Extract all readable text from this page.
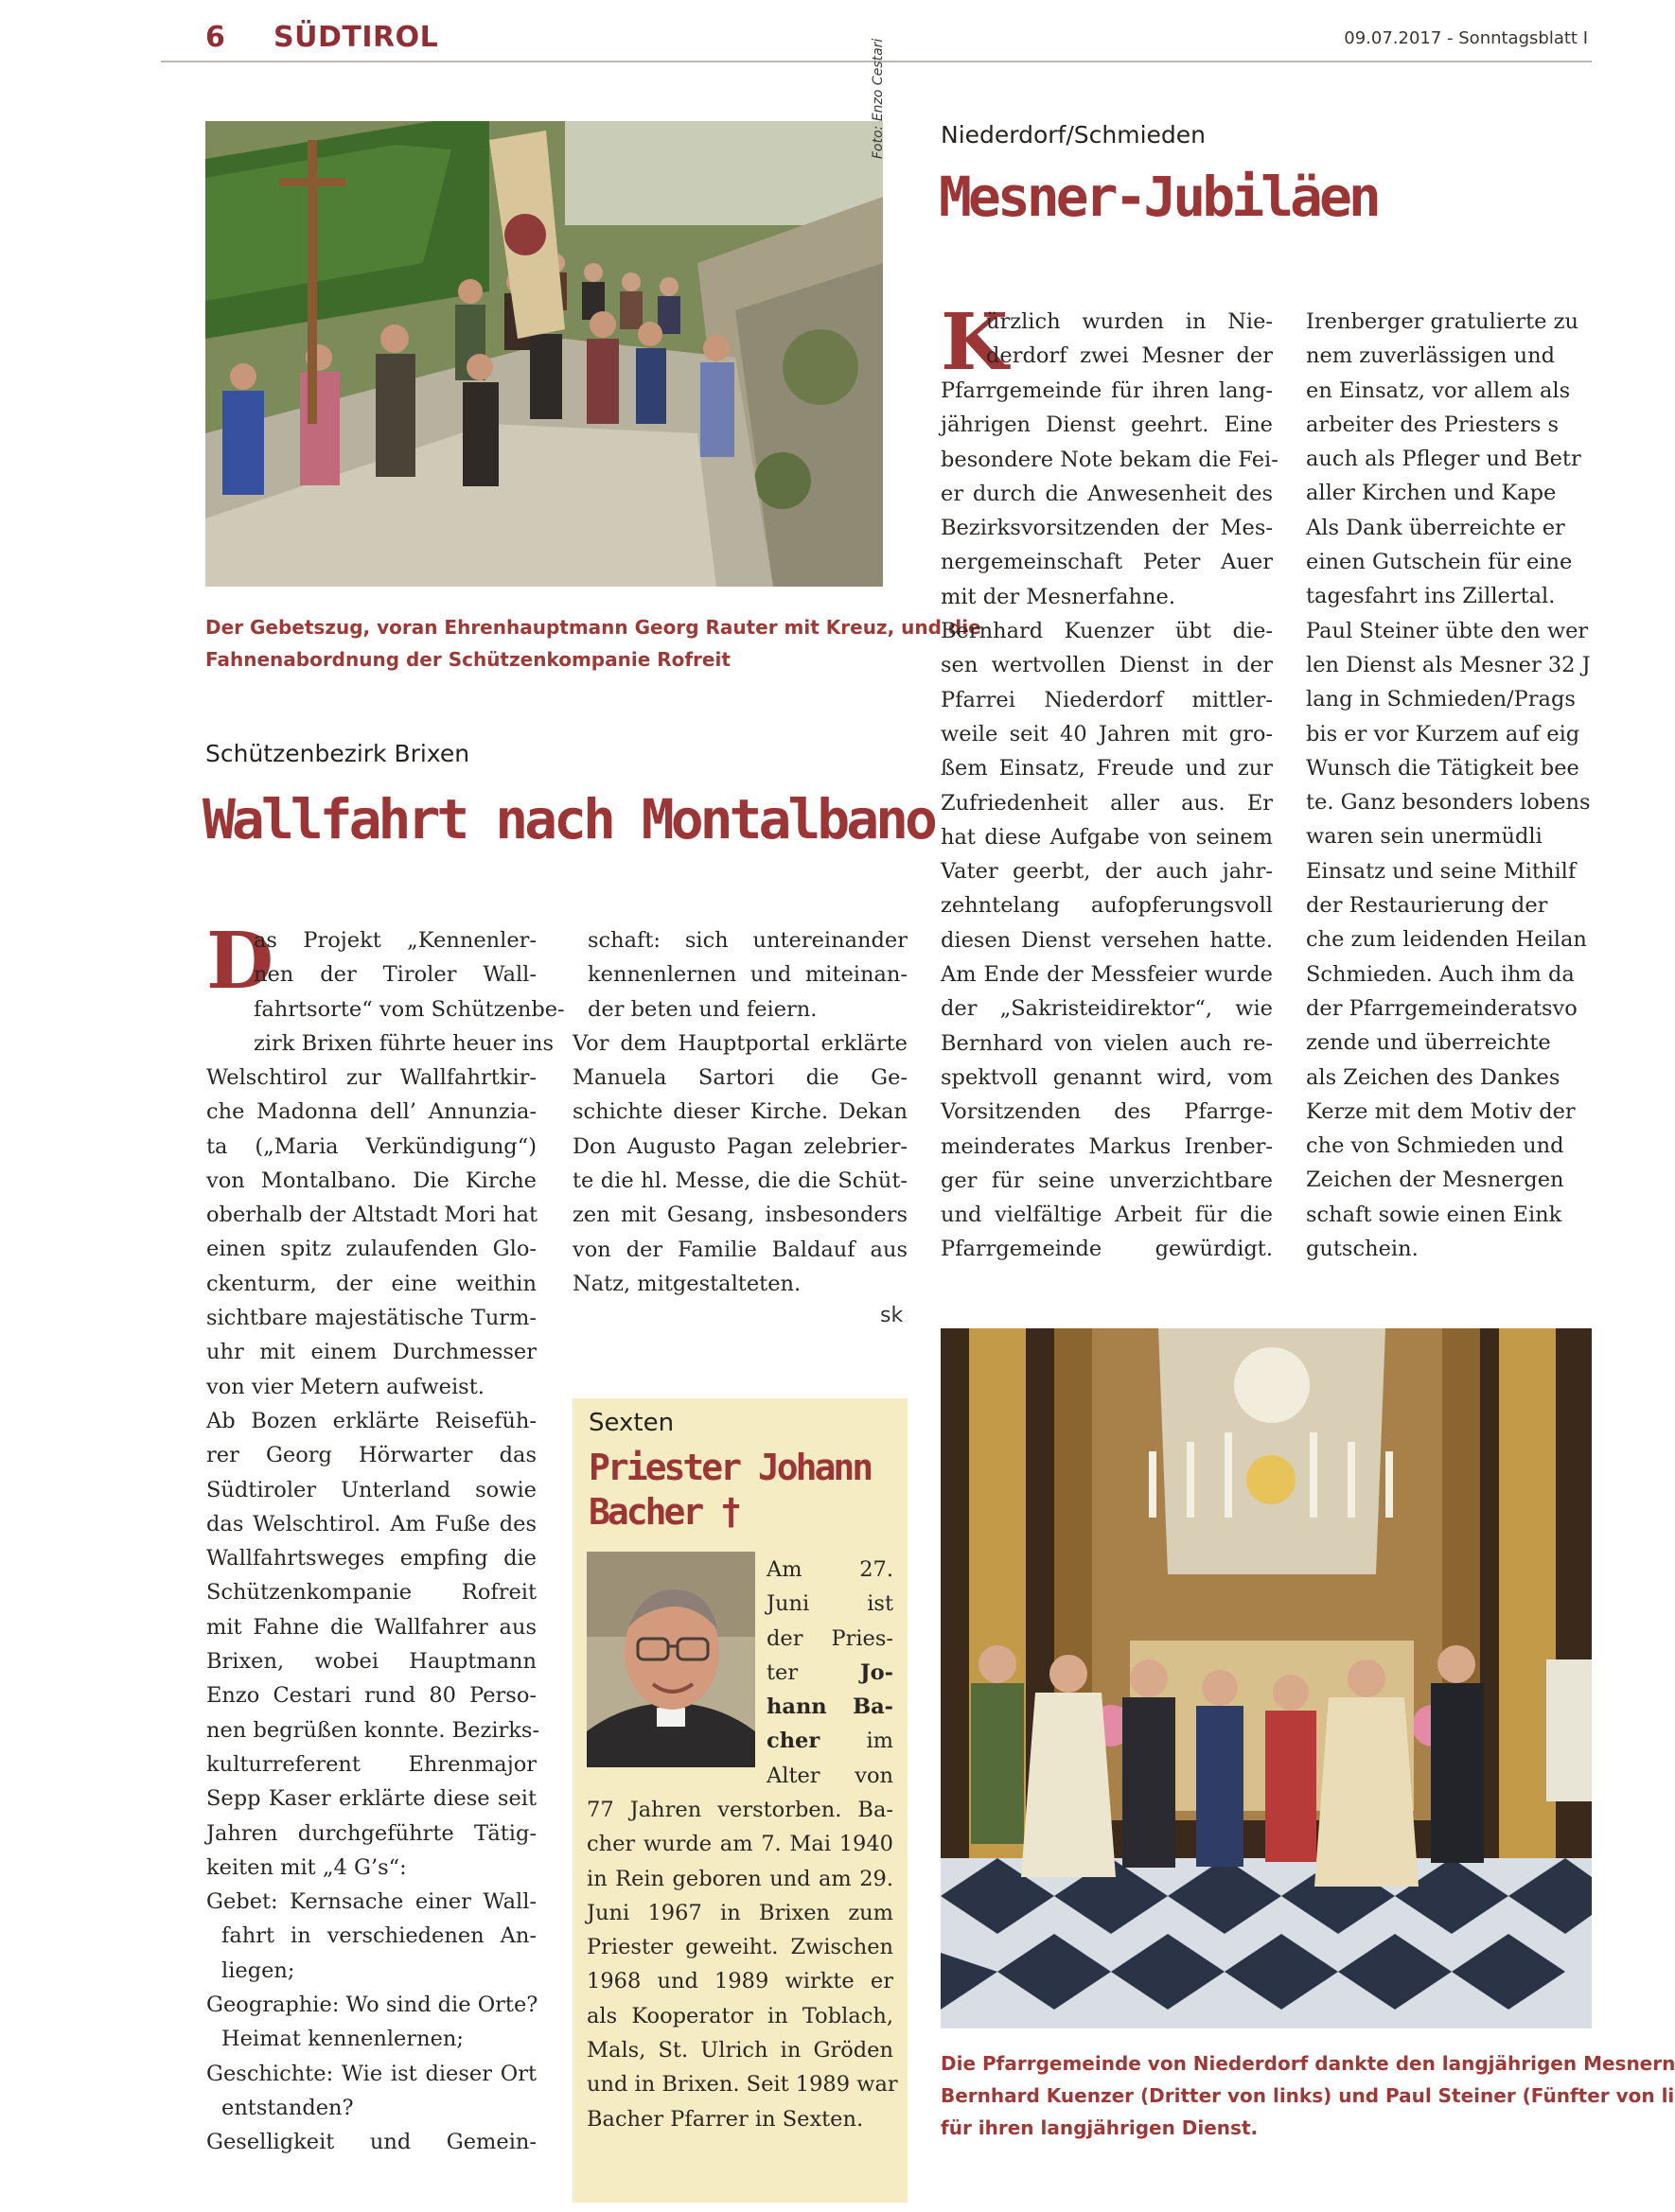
6 SÜDTIROL	09.07.2017 - Sonntagsblatt I
Foto: Enzo Cestari
Der Gebetszug, voran Ehrenhauptmann Georg Rauter mit Kreuz, und die
Fahnenabordnung der Schützenkompanie Rofreit
Schützenbezirk Brixen
Wallfahrt nach Montalbano
D
as Projekt „Kennenler-
nen der Tiroler Wall-
fahrtsorte“ vom Schützenbe-
zirk Brixen führte heuer ins
Welschtirol zur Wallfahrtkir-
che Madonna dell’ Annunzia-
ta („Maria Verkündigung“)
von Montalbano. Die Kirche
oberhalb der Altstadt Mori hat
einen spitz zulaufenden Glo-
ckenturm, der eine weithin
sichtbare majestätische Turm-
uhr mit einem Durchmesser
von vier Metern aufweist.
Ab Bozen erklärte Reisefüh-
rer Georg Hörwarter das
Südtiroler Unterland sowie
das Welschtirol. Am Fuße des
Wallfahrtsweges empfing die
Schützenkompanie Rofreit
mit Fahne die Wallfahrer aus
Brixen, wobei Hauptmann
Enzo Cestari rund 80 Perso-
nen begrüßen konnte. Bezirks-
kulturreferent Ehrenmajor
Sepp Kaser erklärte diese seit
Jahren durchgeführte Tätig-
keiten mit „4 G’s“:
Gebet: Kernsache einer Wall-
fahrt in verschiedenen An-
liegen;
Geographie: Wo sind die Orte?
Heimat kennenlernen;
Geschichte: Wie ist dieser Ort
entstanden?
Geselligkeit und Gemein-
schaft: sich untereinander
kennenlernen und miteinan-
der beten und feiern.
Vor dem Hauptportal erklärte
Manuela Sartori die Ge-
schichte dieser Kirche. Dekan
Don Augusto Pagan zelebrier-
te die hl. Messe, die die Schüt-
zen mit Gesang, insbesonders
von der Familie Baldauf aus
Natz, mitgestalteten.
sk
Sexten
Priester Johann
Bacher †
Am	27.
Juni	ist
der Pries-
ter	Jo-
hann Ba-
cher im
Alter von
77 Jahren verstorben. Ba-
cher wurde am 7. Mai 1940
in Rein geboren und am 29.
Juni 1967 in Brixen zum
Priester geweiht. Zwischen
1968 und 1989 wirkte er
als Kooperator in Toblach,
Mals, St. Ulrich in Gröden
und in Brixen. Seit 1989 war
Bacher Pfarrer in Sexten.
Niederdorf/Schmieden
Mesner-Jubiläen
K
ürzlich wurden in Nie-
derdorf zwei Mesner der
Pfarrgemeinde für ihren lang-
jährigen Dienst geehrt. Eine
besondere Note bekam die Fei-
er durch die Anwesenheit des
Bezirksvorsitzenden der Mes-
nergemeinschaft Peter Auer
mit der Mesnerfahne.
Bernhard Kuenzer übt die-
sen wertvollen Dienst in der
Pfarrei Niederdorf mittler-
weile seit 40 Jahren mit gro-
ßem Einsatz, Freude und zur
Zufriedenheit aller aus. Er
hat diese Aufgabe von seinem
Vater geerbt, der auch jahr-
zehntelang aufopferungsvoll
diesen Dienst versehen hatte.
Am Ende der Messfeier wurde
der „Sakristeidirektor“, wie
Bernhard von vielen auch re-
spektvoll genannt wird, vom
Vorsitzenden des Pfarrge-
meinderates Markus Irenber-
ger für seine unverzichtbare
und vielfältige Arbeit für die
Pfarrgemeinde gewürdigt.
Irenberger gratulierte zu
nem zuverlässigen und
en Einsatz, vor allem als
arbeiter des Priesters s
auch als Pfleger und Betr
aller Kirchen und Kape
Als Dank überreichte er
einen Gutschein für eine
tagesfahrt ins Zillertal.
Paul Steiner übte den wer
len Dienst als Mesner 32 J
lang in Schmieden/Prags
bis er vor Kurzem auf eig
Wunsch die Tätigkeit bee
te. Ganz besonders lobens
waren sein unermüdli
Einsatz und seine Mithilf
der Restaurierung der
che zum leidenden Heilan
Schmieden. Auch ihm da
der Pfarrgemeinderatsvo
zende und überreichte
als Zeichen des Dankes
Kerze mit dem Motiv der
che von Schmieden und
Zeichen der Mesnergen
schaft sowie einen Eink
gutschein.
Die Pfarrgemeinde von Niederdorf dankte den langjährigen Mesnern
Bernhard Kuenzer (Dritter von links) und Paul Steiner (Fünfter von li
für ihren langjährigen Dienst.
